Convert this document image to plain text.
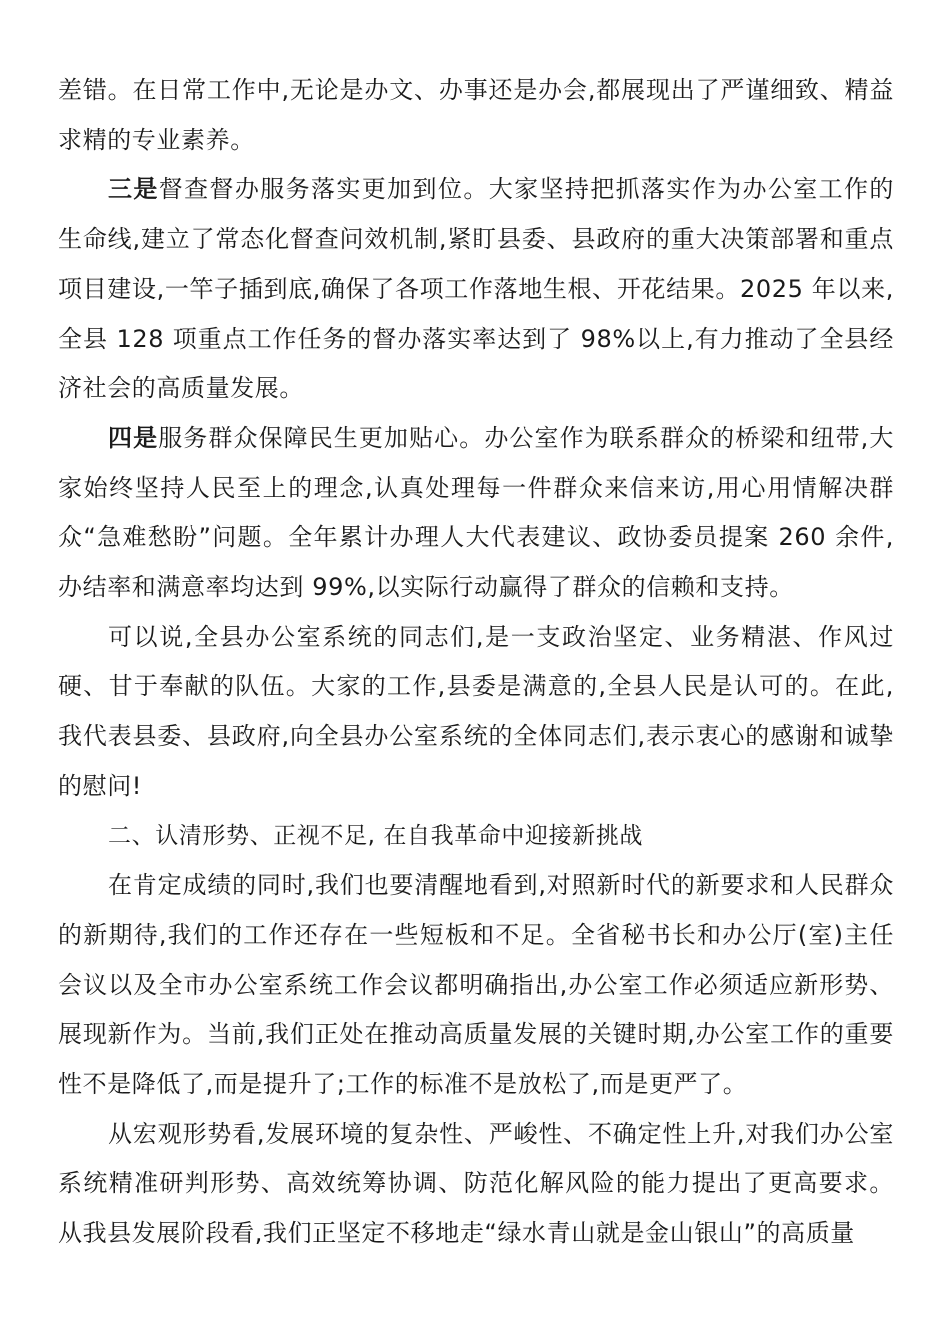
差错。在日常工作中,无论是办文、办事还是办会,都展现出了严谨细致、精益求精的专业素养。

三是督查督办服务落实更加到位。大家坚持把抓落实作为办公室工作的生命线,建立了常态化督查问效机制,紧盯县委、县政府的重大决策部署和重点项目建设,一竿子插到底,确保了各项工作落地生根、开花结果。2025 年以来,全县 128 项重点工作任务的督办落实率达到了 98%以上,有力推动了全县经济社会的高质量发展。

四是服务群众保障民生更加贴心。办公室作为联系群众的桥梁和纽带,大家始终坚持人民至上的理念,认真处理每一件群众来信来访,用心用情解决群众“急难愁盼”问题。全年累计办理人大代表建议、政协委员提案 260 余件,办结率和满意率均达到 99%,以实际行动赢得了群众的信赖和支持。

可以说,全县办公室系统的同志们,是一支政治坚定、业务精湛、作风过硬、甘于奉献的队伍。大家的工作,县委是满意的,全县人民是认可的。在此,我代表县委、县政府,向全县办公室系统的全体同志们,表示衷心的感谢和诚挚的慰问!

二、认清形势、正视不足, 在自我革命中迎接新挑战

在肯定成绩的同时,我们也要清醒地看到,对照新时代的新要求和人民群众的新期待,我们的工作还存在一些短板和不足。全省秘书长和办公厅(室)主任会议以及全市办公室系统工作会议都明确指出,办公室工作必须适应新形势、展现新作为。当前,我们正处在推动高质量发展的关键时期,办公室工作的重要性不是降低了,而是提升了;工作的标准不是放松了,而是更严了。

从宏观形势看,发展环境的复杂性、严峻性、不确定性上升,对我们办公室系统精准研判形势、高效统筹协调、防范化解风险的能力提出了更高要求。从我县发展阶段看,我们正坚定不移地走“绿水青山就是金山银山”的高质量
